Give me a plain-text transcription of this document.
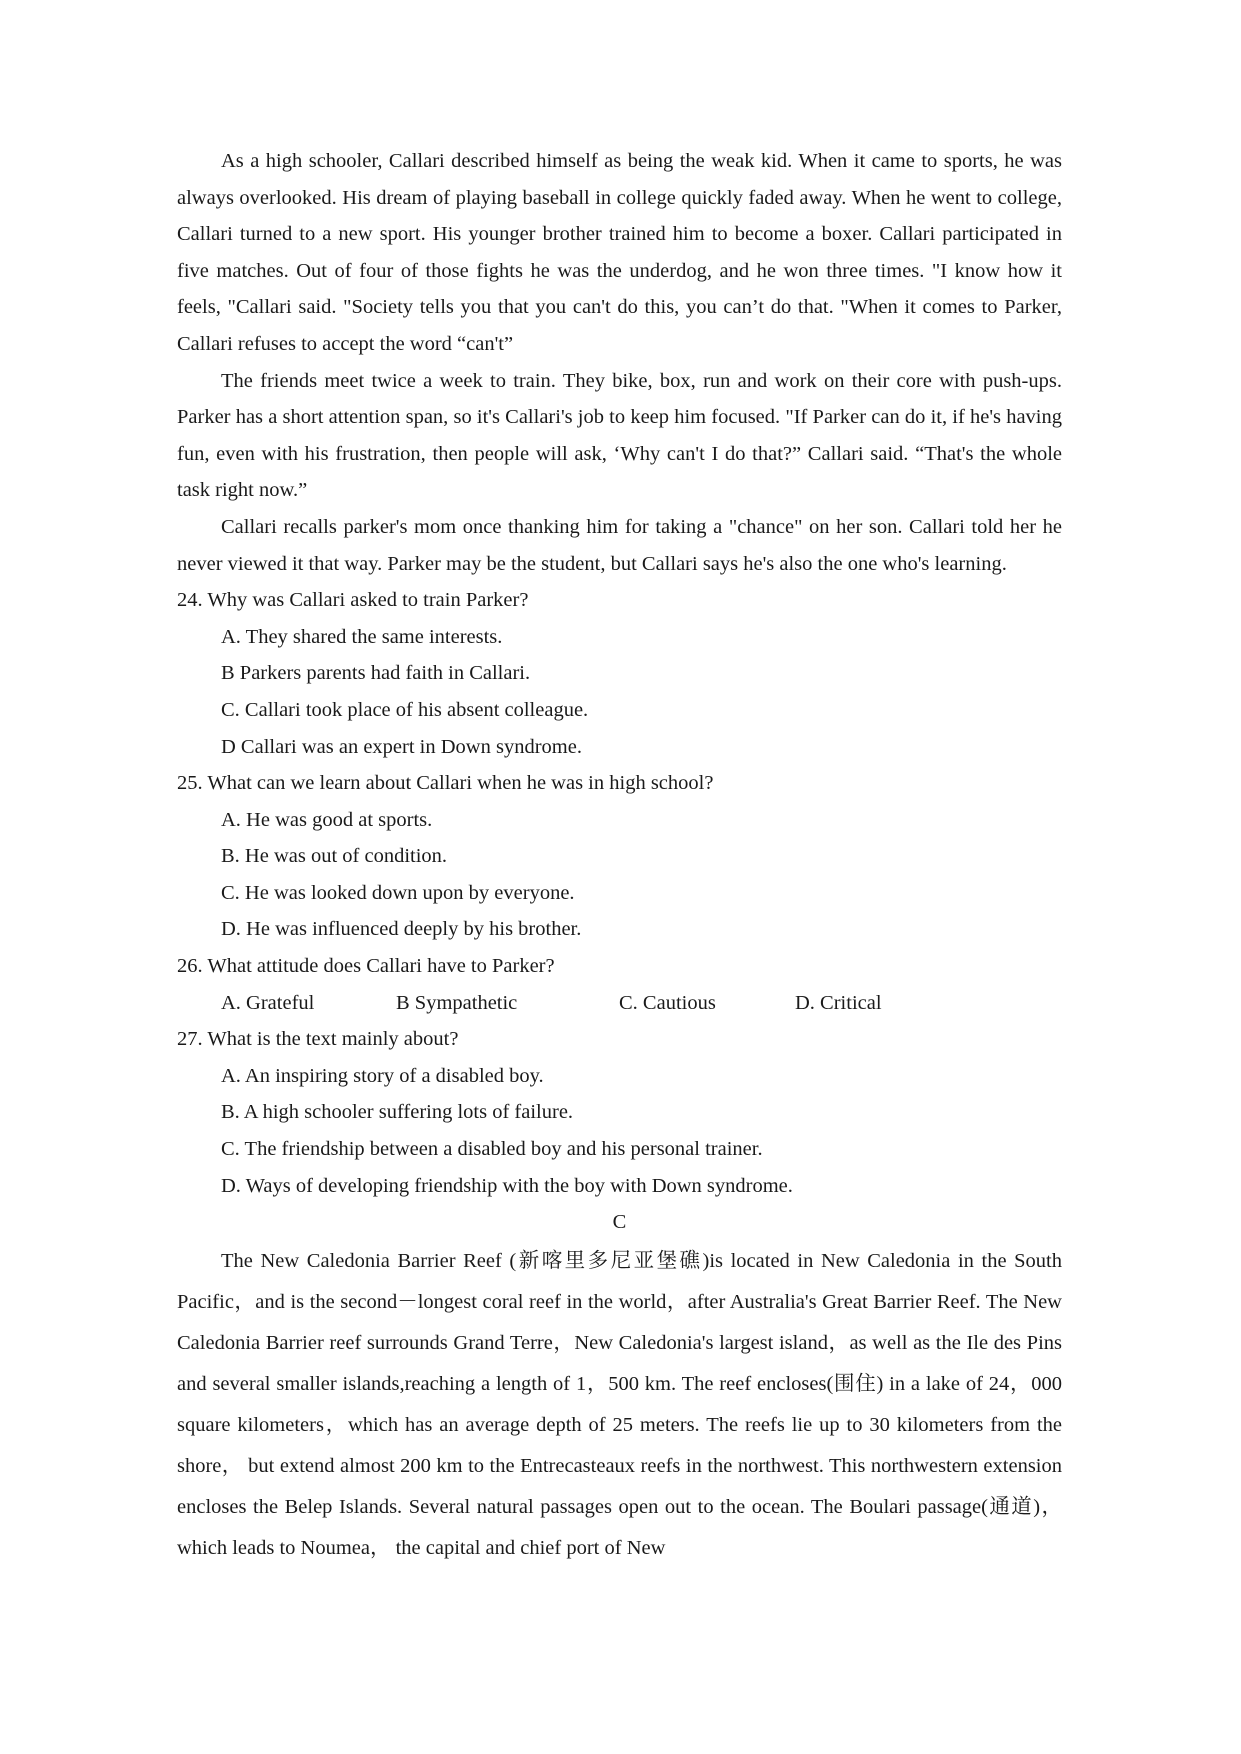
As a high schooler, Callari described himself as being the weak kid. When it came to sports, he was always overlooked. His dream of playing baseball in college quickly faded away. When he went to college, Callari turned to a new sport. His younger brother trained him to become a boxer. Callari participated in five matches. Out of four of those fights he was the underdog, and he won three times. "I know how it feels, "Callari said. "Society tells you that you can't do this, you can’t do that. "When it comes to Parker, Callari refuses to accept the word “can't”

The friends meet twice a week to train. They bike, box, run and work on their core with push-ups. Parker has a short attention span, so it's Callari's job to keep him focused. "If Parker can do it, if he's having fun, even with his frustration, then people will ask, ‘Why can't I do that?” Callari said. “That's the whole task right now.”

Callari recalls parker's mom once thanking him for taking a "chance" on her son. Callari told her he never viewed it that way. Parker may be the student, but Callari says he's also the one who's learning.

24. Why was Callari asked to train Parker?

A. They shared the same interests.

B Parkers parents had faith in Callari.

C. Callari took place of his absent colleague.

D Callari was an expert in Down syndrome.

25. What can we learn about Callari when he was in high school?

A. He was good at sports.

B. He was out of condition.

C. He was looked down upon by everyone.

D. He was influenced deeply by his brother.

26. What attitude does Callari have to Parker?

A. Grateful	B Sympathetic	C. Cautious	D. Critical

27. What is the text mainly about?

A. An inspiring story of a disabled boy.

B. A high schooler suffering lots of failure.

C. The friendship between a disabled boy and his personal trainer.

D. Ways of developing friendship with the boy with Down syndrome.

C

The New Caledonia Barrier Reef (新喀里多尼亚堡礁)is located in New Caledonia in the South Pacific，and is the second－longest coral reef in the world，after Australia's Great Barrier Reef. The New Caledonia Barrier reef surrounds Grand Terre，New Caledonia's largest island，as well as the Ile des Pins and several smaller islands,reaching a length of 1，500 km. The reef encloses(围住) in a lake of 24，000 square kilometers，which has an average depth of 25 meters. The reefs lie up to 30 kilometers from the shore， but extend almost 200 km to the Entrecasteaux reefs in the northwest. This northwestern extension encloses the Belep Islands. Several natural passages open out to the ocean. The Boulari passage(通道)， which leads to Noumea， the capital and chief port of New
